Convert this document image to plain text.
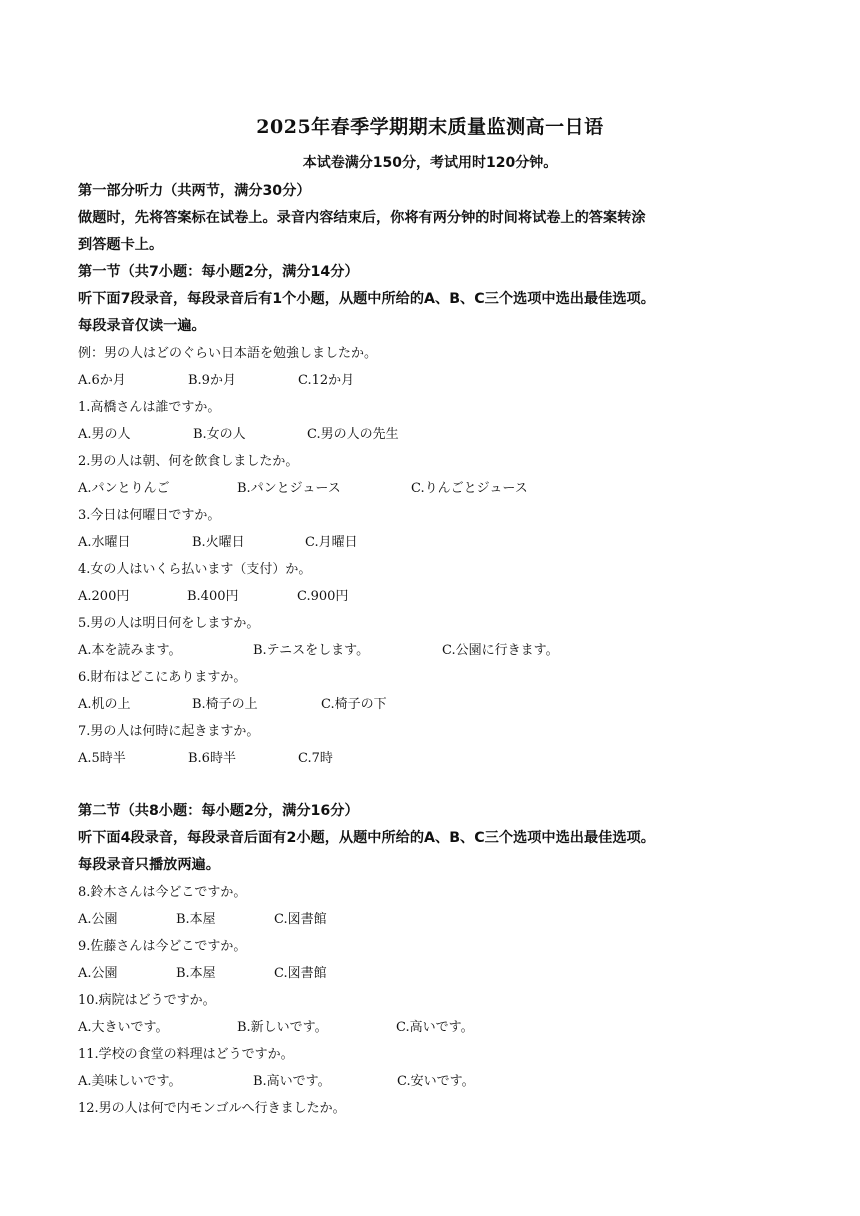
2025年春季学期期末质量监测高一日语
本试卷满分150分，考试用时120分钟。
第一部分听力（共两节，满分30分）
做题时，先将答案标在试卷上。录音内容结束后，你将有两分钟的时间将试卷上的答案转涂
到答题卡上。
第一节（共7小题：每小题2分，满分14分）
听下面7段录音，每段录音后有1个小题，从题中所给的A、B、C三个选项中选出最佳选项。
每段录音仅读一遍。
例：男の人はどのぐらい日本語を勉強しましたか。
A.6か月	B.9か月	C.12か月
1.高橋さんは誰ですか。
A.男の人	B.女の人	C.男の人の先生
2.男の人は朝、何を飲食しましたか。
A.パンとりんご	B.パンとジュース	C.りんごとジュース
3.今日は何曜日ですか。
A.水曜日	B.火曜日	C.月曜日
4.女の人はいくら払います（支付）か。
A.200円	B.400円	C.900円
5.男の人は明日何をしますか。
A.本を読みます。	B.テニスをします。	C.公園に行きます。
6.財布はどこにありますか。
A.机の上	B.椅子の上	C.椅子の下
7.男の人は何時に起きますか。
A.5時半	B.6時半	C.7時
第二节（共8小题：每小题2分，满分16分）
听下面4段录音，每段录音后面有2小题，从题中所给的A、B、C三个选项中选出最佳选项。
每段录音只播放两遍。
8.鈴木さんは今どこですか。
A.公園	B.本屋	C.図書館
9.佐藤さんは今どこですか。
A.公園	B.本屋	C.図書館
10.病院はどうですか。
A.大きいです。	B.新しいです。	C.高いです。
11.学校の食堂の料理はどうですか。
A.美味しいです。	B.高いです。	C.安いです。
12.男の人は何で内モンゴルへ行きましたか。
